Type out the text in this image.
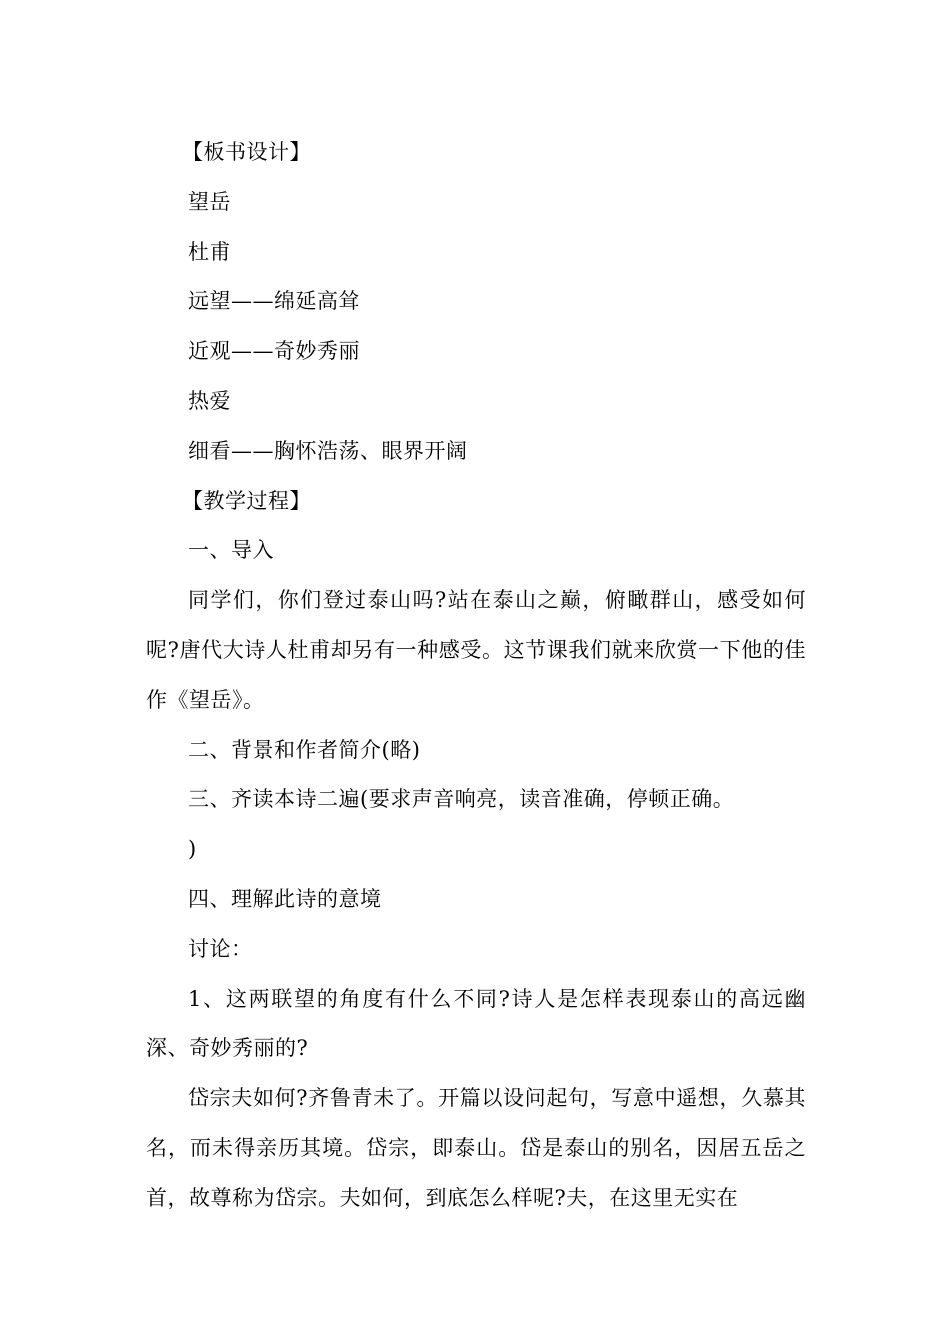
【板书设计】

望岳

杜甫

远望——绵延高耸

近观——奇妙秀丽

热爱

细看——胸怀浩荡、眼界开阔

【教学过程】

一、导入

同学们，你们登过泰山吗?站在泰山之巅，俯瞰群山，感受如何呢?唐代大诗人杜甫却另有一种感受。这节课我们就来欣赏一下他的佳作《望岳》。

二、背景和作者简介(略)

三、齐读本诗二遍(要求声音响亮，读音准确，停顿正确。

)

四、理解此诗的意境

讨论：

1、这两联望的角度有什么不同?诗人是怎样表现泰山的高远幽深、奇妙秀丽的?

岱宗夫如何?齐鲁青未了。开篇以设问起句，写意中遥想，久慕其名，而未得亲历其境。岱宗，即泰山。岱是泰山的别名，因居五岳之首，故尊称为岱宗。夫如何，到底怎么样呢?夫，在这里无实在
